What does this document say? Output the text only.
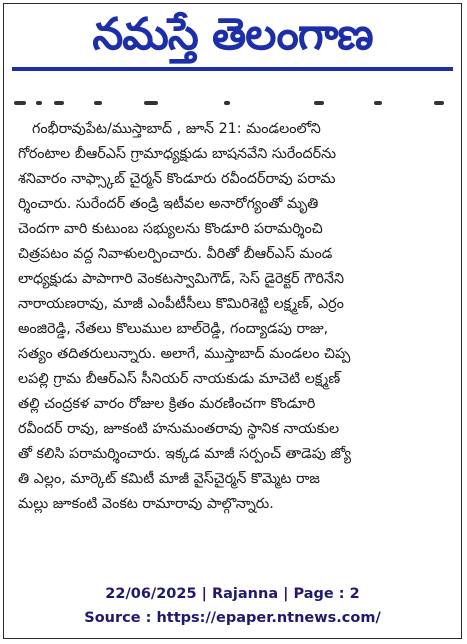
నమస్తే తెలంగాణ
గంభీరావుపేట/ముస్తాబాద్ , జూన్ 21: మండలంలోని
గోరంటాల బీఆర్ఎస్ గ్రామాధ్యక్షుడు బాషనవేని సురేందర్‌ను
శనివారం నాఫ్స్కాబ్ చైర్మన్ కొండూరు రవీందర్‌రావు పరామ
ర్శించారు. సురేందర్ తండ్రి ఇటీవల అనారోగ్యంతో మృతి
చెందగా వారి కుటుంబ సభ్యులను కొండూరి పరామర్శించి
చిత్రపటం వద్ద నివాళులర్పించారు. వీరితో బీఆర్ఎస్ మండ
లాధ్యక్షుడు పాపాగారి వెంకటస్వామిగౌడ్, సెస్ డైరెక్టర్ గౌరినేని
నారాయణరావు, మాజీ ఎంపీటీసీలు కొమిరిశెట్టి లక్ష్మణ్, ఎర్రం
అంజిరెడ్డి, నేతలు కొలుముల బాల్‌రెడ్డి, గంద్యాడపు రాజు,
సత్యం తదితరులున్నారు. అలాగే, ముస్తాబాద్ మండలం చిప్ప
లపల్లి గ్రామ బీఆర్ఎస్ సీనియర్ నాయకుడు మాచెటి లక్ష్మణ్
తల్లి చంద్రకళ వారం రోజుల క్రితం మరణించగా కొండూరి
రవీందర్ రావు, జూకంటి హనుమంతరావు స్థానిక నాయకుల
తో కలిసి పరామర్శించారు. ఇక్కడ మాజీ సర్పంచ్ తాడెపు జ్యో
తి ఎల్లం, మార్కెట్ కమిటీ మాజీ వైస్‌చైర్మన్ కొమ్మెట రాజ
మల్లు జూకంటి వెంకట రామారావు పాల్గొన్నారు.
22/06/2025 | Rajanna | Page : 2
Source : https://epaper.ntnews.com/
